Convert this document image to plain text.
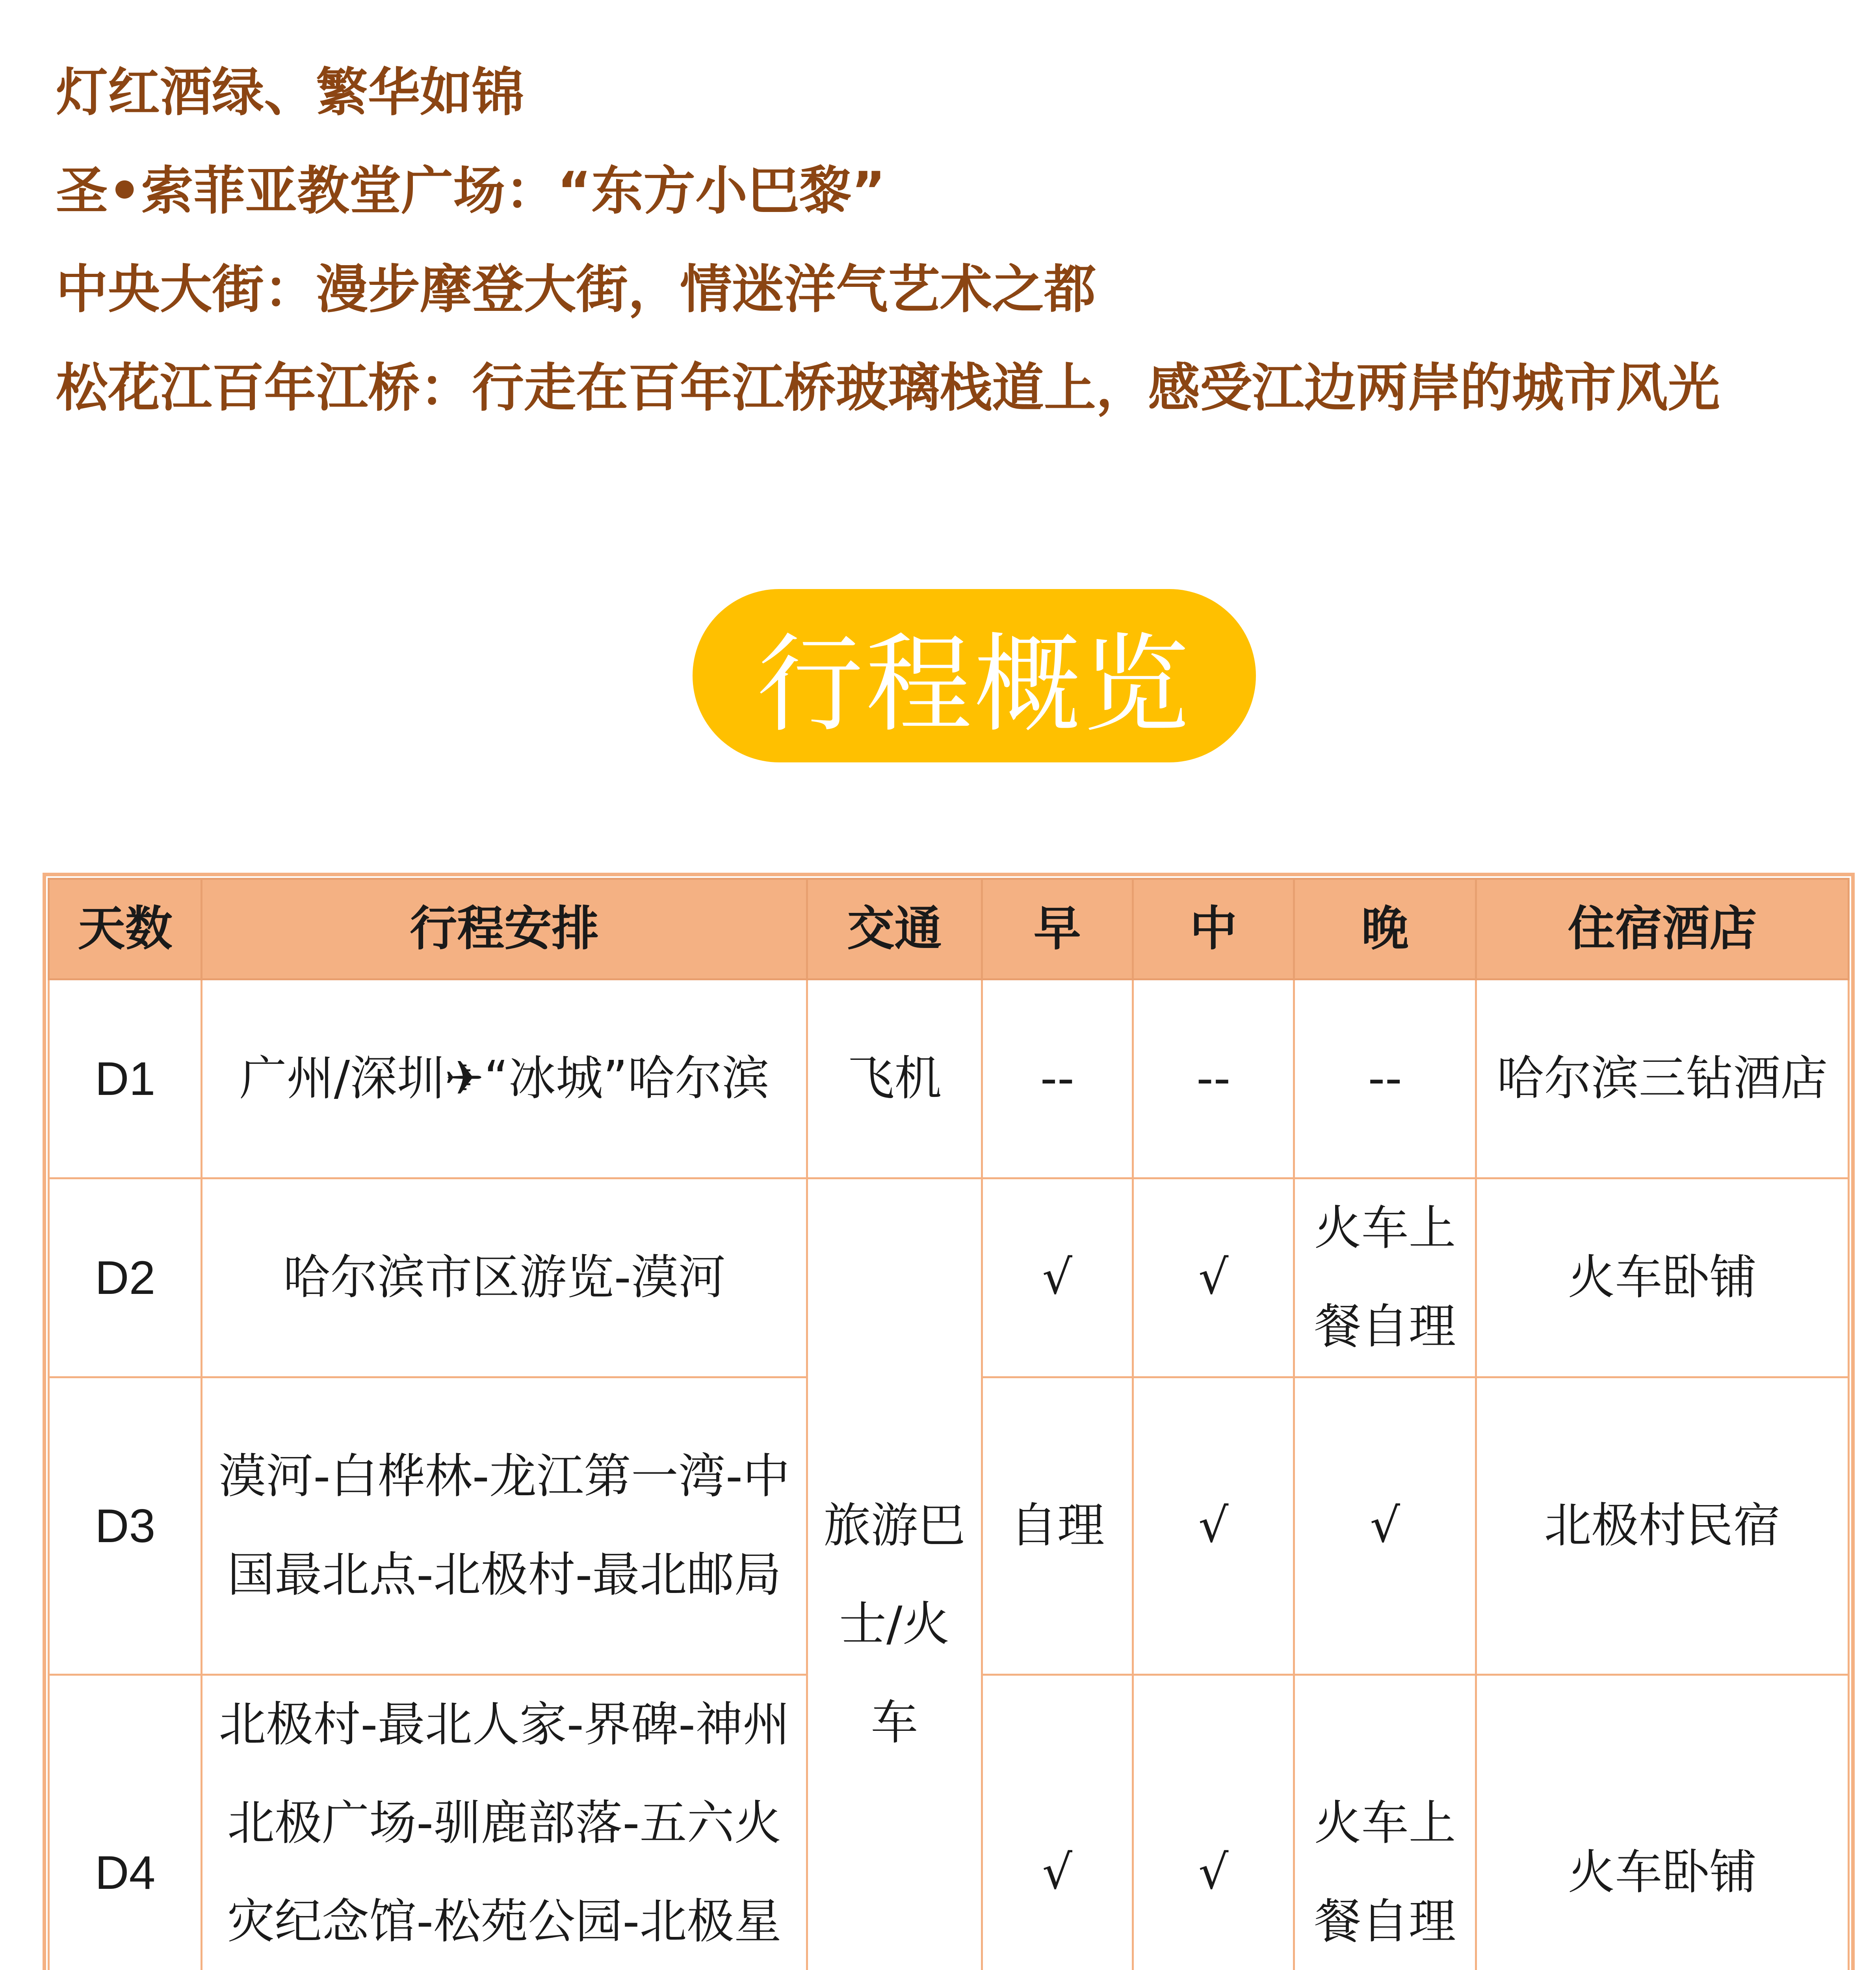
灯红酒绿、繁华如锦

圣•索菲亚教堂广场：“东方小巴黎”

中央大街：漫步摩登大街，情迷洋气艺术之都

松花江百年江桥：行走在百年江桥玻璃栈道上，感受江边两岸的城市风光

行程概览
天数	行程安排	交通	早	中	晚	住宿酒店
D1	广州/深圳✈“冰城”哈尔滨	飞机	--	--	--	哈尔滨三钻酒店
D2	哈尔滨市区游览-漠河	旅游巴士/火车	√	√	火车上餐自理	火车卧铺
D3	漠河-白桦林-龙江第一湾-中国最北点-北极村-最北邮局		自理	√	√	北极村民宿
D4	北极村-最北人家-界碑-神州北极广场-驯鹿部落-五六火灾纪念馆-松苑公园-北极星		√	√	火车上餐自理	火车卧铺
